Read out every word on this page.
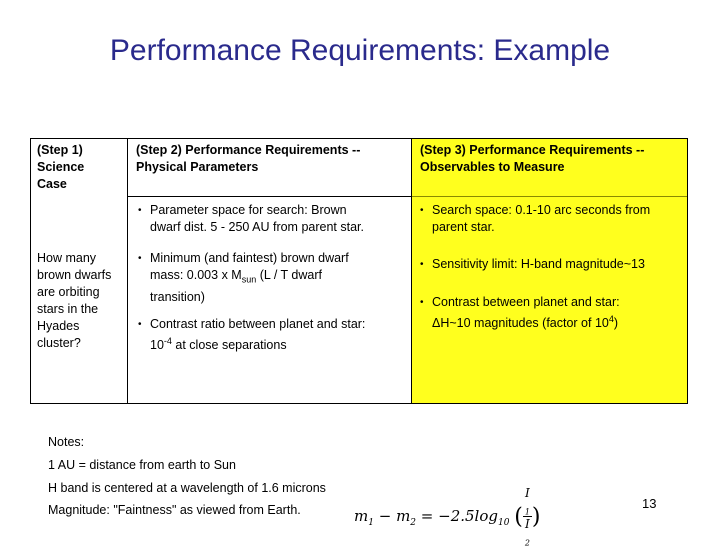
Performance Requirements: Example
(Step 1)
Science
Case
How many
brown dwarfs
are orbiting
stars in the
Hyades
cluster?
(Step 2) Performance Requirements --
Physical Parameters
• Parameter space for search: Brown
dwarf dist. 5 - 250 AU from parent star.
• Minimum (and faintest) brown dwarf
mass: 0.003 x $M_{sun}$ (L / T dwarf
transition)
• Contrast ratio between planet and star:
$10^{-4}$ at close separations
(Step 3) Performance Requirements --
Observables to Measure
• Search space: 0.1-10 arc seconds from
parent star.
• Sensitivity limit: H-band magnitude~13
• Contrast between planet and star:
ΔH~10 magnitudes (factor of $10^4$)
Notes:
1 AU = distance from earth to Sun
H band is centered at a wavelength of 1.6 microns
Magnitude: "Faintness" as viewed from Earth.	$m_1 - m_2 = -2.5\log_{10}$ ( I
$_1$
I
$_2$ )
13
